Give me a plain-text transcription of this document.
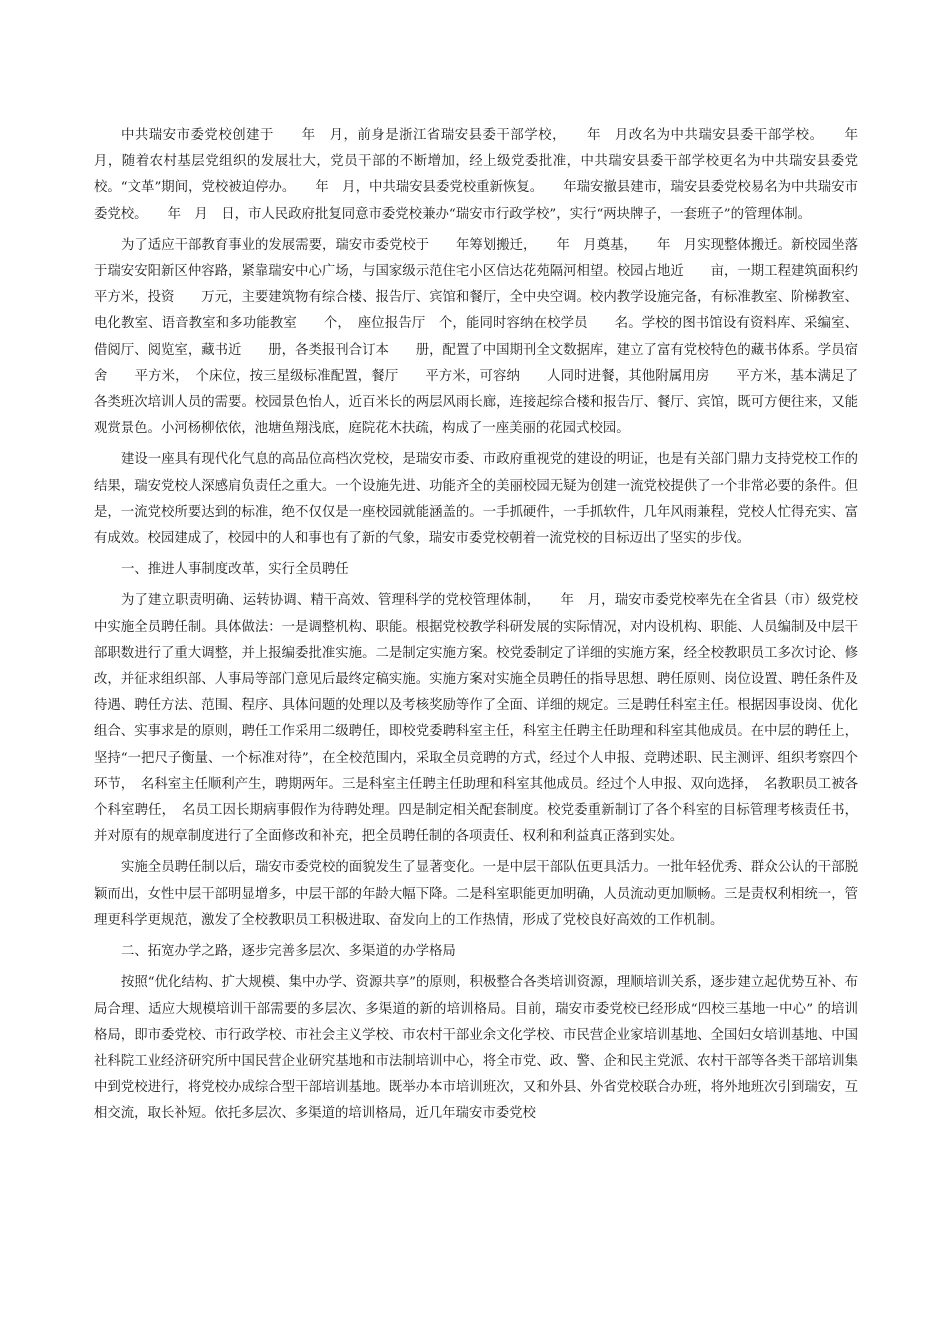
中共瑞安市委党校创建于　　年　月，前身是浙江省瑞安县委干部学校，　　年　月改名为中共瑞安县委干部学校。　　年　月，随着农村基层党组织的发展壮大，党员干部的不断增加，经上级党委批准，中共瑞安县委干部学校更名为中共瑞安县委党校。“文革”期间，党校被迫停办。　　年　月，中共瑞安县委党校重新恢复。　　年瑞安撤县建市，瑞安县委党校易名为中共瑞安市委党校。　　年　月　日，市人民政府批复同意市委党校兼办“瑞安市行政学校”，实行“两块牌子，一套班子”的管理体制。

为了适应干部教育事业的发展需要，瑞安市委党校于　　年筹划搬迁，　　年　月奠基，　　年　月实现整体搬迁。新校园坐落于瑞安安阳新区仲容路，紧靠瑞安中心广场，与国家级示范住宅小区信达花苑隔河相望。校园占地近　　亩，一期工程建筑面积约　　平方米，投资　　万元，主要建筑物有综合楼、报告厅、宾馆和餐厅，全中央空调。校内教学设施完备，有标准教室、阶梯教室、电化教室、语音教室和多功能教室　　个，　座位报告厅　个，能同时容纳在校学员　　名。学校的图书馆设有资料库、采编室、借阅厅、阅览室，藏书近　　册，各类报刊合订本　　册，配置了中国期刊全文数据库，建立了富有党校特色的藏书体系。学员宿舍　　平方米，　个床位，按三星级标准配置，餐厅　　平方米，可容纳　　人同时进餐，其他附属用房　　平方米，基本满足了各类班次培训人员的需要。校园景色怡人，近百米长的两层风雨长廊，连接起综合楼和报告厅、餐厅、宾馆，既可方便往来，又能观赏景色。小河杨柳依依，池塘鱼翔浅底，庭院花木扶疏，构成了一座美丽的花园式校园。

建设一座具有现代化气息的高品位高档次党校，是瑞安市委、市政府重视党的建设的明证，也是有关部门鼎力支持党校工作的结果，瑞安党校人深感肩负责任之重大。一个设施先进、功能齐全的美丽校园无疑为创建一流党校提供了一个非常必要的条件。但是，一流党校所要达到的标准，绝不仅仅是一座校园就能涵盖的。一手抓硬件，一手抓软件，几年风雨兼程，党校人忙得充实、富有成效。校园建成了，校园中的人和事也有了新的气象，瑞安市委党校朝着一流党校的目标迈出了坚实的步伐。

一、推进人事制度改革，实行全员聘任

为了建立职责明确、运转协调、精干高效、管理科学的党校管理体制，　　年　月，瑞安市委党校率先在全省县（市）级党校中实施全员聘任制。具体做法：一是调整机构、职能。根据党校教学科研发展的实际情况，对内设机构、职能、人员编制及中层干部职数进行了重大调整，并上报编委批准实施。二是制定实施方案。校党委制定了详细的实施方案，经全校教职员工多次讨论、修改，并征求组织部、人事局等部门意见后最终定稿实施。实施方案对实施全员聘任的指导思想、聘任原则、岗位设置、聘任条件及待遇、聘任方法、范围、程序、具体问题的处理以及考核奖励等作了全面、详细的规定。三是聘任科室主任。根据因事设岗、优化组合、实事求是的原则，聘任工作采用二级聘任，即校党委聘科室主任，科室主任聘主任助理和科室其他成员。在中层的聘任上，坚持“一把尺子衡量、一个标准对待”，在全校范围内，采取全员竞聘的方式，经过个人申报、竞聘述职、民主测评、组织考察四个环节，　名科室主任顺利产生，聘期两年。三是科室主任聘主任助理和科室其他成员。经过个人申报、双向选择，　名教职员工被各个科室聘任，　名员工因长期病事假作为待聘处理。四是制定相关配套制度。校党委重新制订了各个科室的目标管理考核责任书，并对原有的规章制度进行了全面修改和补充，把全员聘任制的各项责任、权利和利益真正落到实处。

实施全员聘任制以后，瑞安市委党校的面貌发生了显著变化。一是中层干部队伍更具活力。一批年轻优秀、群众公认的干部脱颖而出，女性中层干部明显增多，中层干部的年龄大幅下降。二是科室职能更加明确，人员流动更加顺畅。三是责权利相统一，管理更科学更规范，激发了全校教职员工积极进取、奋发向上的工作热情，形成了党校良好高效的工作机制。

二、拓宽办学之路，逐步完善多层次、多渠道的办学格局

按照“优化结构、扩大规模、集中办学、资源共享”的原则，积极整合各类培训资源，理顺培训关系，逐步建立起优势互补、布局合理、适应大规模培训干部需要的多层次、多渠道的新的培训格局。目前，瑞安市委党校已经形成“四校三基地一中心” 的培训格局，即市委党校、市行政学校、市社会主义学校、市农村干部业余文化学校、市民营企业家培训基地、全国妇女培训基地、中国社科院工业经济研究所中国民营企业研究基地和市法制培训中心，将全市党、政、警、企和民主党派、农村干部等各类干部培训集中到党校进行，将党校办成综合型干部培训基地。既举办本市培训班次，又和外县、外省党校联合办班，将外地班次引到瑞安，互相交流，取长补短。依托多层次、多渠道的培训格局，近几年瑞安市委党校
